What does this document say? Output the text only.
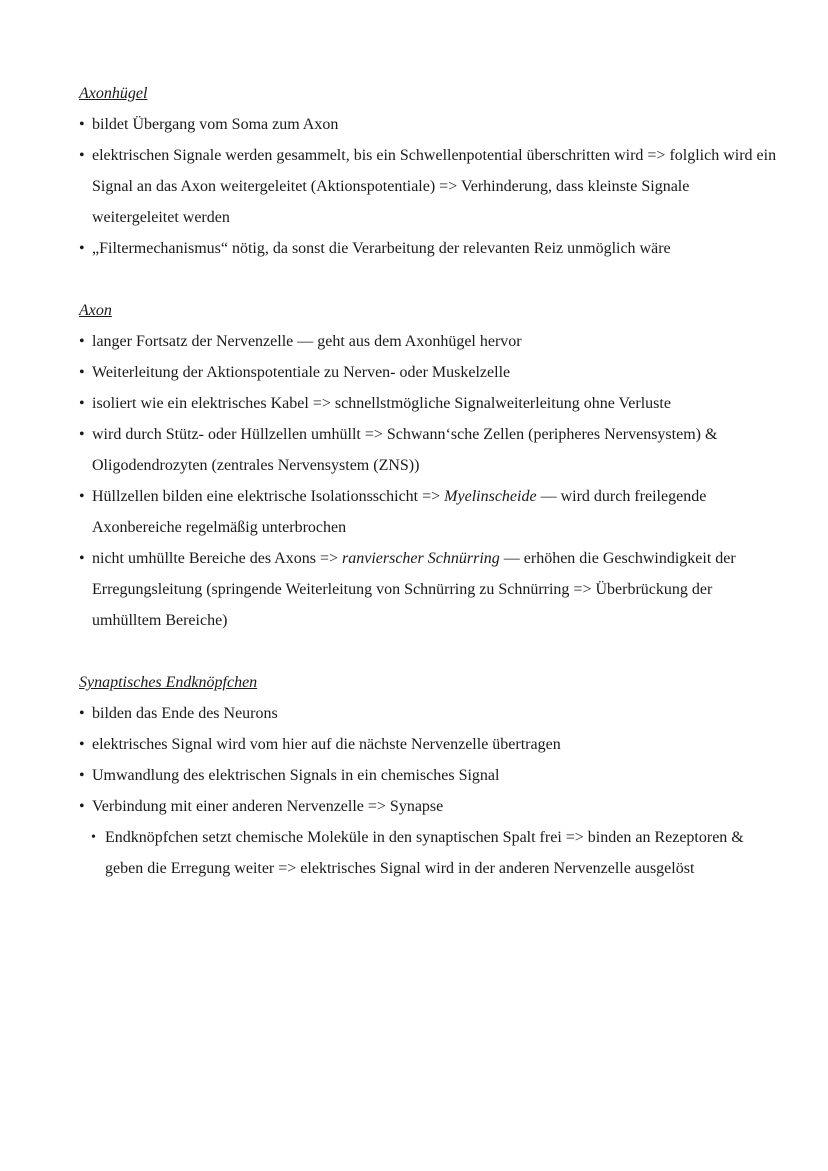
Axonhügel

• bildet Übergang vom Soma zum Axon
• elektrischen Signale werden gesammelt, bis ein Schwellenpotential überschritten wird => folglich wird ein Signal an das Axon weitergeleitet (Aktionspotentiale) => Verhinderung, dass kleinste Signale weitergeleitet werden
• „Filtermechanismus“ nötig, da sonst die Verarbeitung der relevanten Reiz unmöglich wäre

Axon

• langer Fortsatz der Nervenzelle — geht aus dem Axonhügel hervor
• Weiterleitung der Aktionspotentiale zu Nerven- oder Muskelzelle
• isoliert wie ein elektrisches Kabel => schnellstmögliche Signalweiterleitung ohne Verluste
• wird durch Stütz- oder Hüllzellen umhüllt => Schwann‘sche Zellen (peripheres Nervensystem) & Oligodendrozyten (zentrales Nervensystem (ZNS))
• Hüllzellen bilden eine elektrische Isolationsschicht => Myelinscheide — wird durch freilegende Axonbereiche regelmäßig unterbrochen
• nicht umhüllte Bereiche des Axons => ranvierscher Schnürring — erhöhen die Geschwindigkeit der Erregungsleitung (springende Weiterleitung von Schnürring zu Schnürring => Überbrückung der umhülltem Bereiche)

Synaptisches Endknöpfchen

• bilden das Ende des Neurons
• elektrisches Signal wird vom hier auf die nächste Nervenzelle übertragen
• Umwandlung des elektrischen Signals in ein chemisches Signal
• Verbindung mit einer anderen Nervenzelle => Synapse
• Endknöpfchen setzt chemische Moleküle in den synaptischen Spalt frei => binden an Rezeptoren & geben die Erregung weiter => elektrisches Signal wird in der anderen Nervenzelle ausgelöst
